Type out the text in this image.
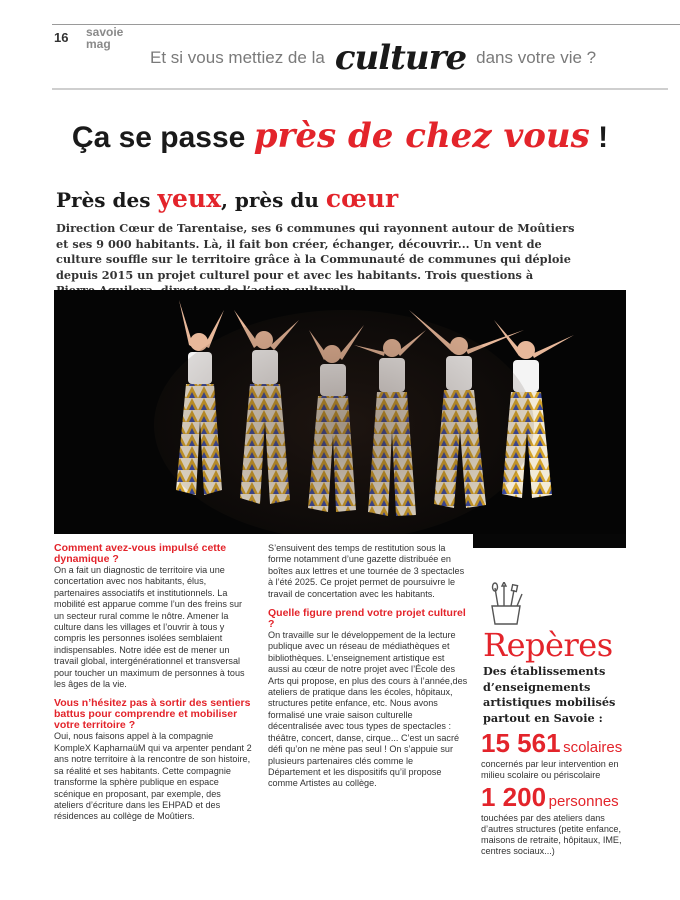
16 savoie
mag
Et si vous mettiez de la culture dans votre vie ?
Ça se passe près de chez vous !
Près des yeux, près du cœur
Direction Cœur de Tarentaise, ses 6 communes qui rayonnent autour de Moûtiers et ses 9 000 habitants. Là, il fait bon créer, échanger, découvrir... Un vent de culture souffle sur le territoire grâce à la Communauté de communes qui déploie depuis 2015 un projet culturel pour et avec les habitants. Trois questions à

Comment avez-vous impulsé cette dynamique ?

On a fait un diagnostic de territoire via une concertation avec nos habitants, élus, partenaires associatifs et institutionnels. La mobilité est apparue comme l’un des freins sur un secteur rural comme le nôtre. Amener la culture dans les villages et l’ouvrir à tous y compris les personnes isolées semblaient indispensables. Notre idée est de mener un travail global, intergénérationnel et transversal pour toucher un maximum de personnes à tous les âges de la vie.

Vous n’hésitez pas à sortir des sentiers battus pour comprendre et mobiliser votre territoire ?

Oui, nous faisons appel à la compagnie KompleX KapharnaüM qui va arpenter pendant 2 ans notre territoire à la rencontre de son histoire, sa réalité et ses habitants. Cette compagnie transforme la sphère publique en espace scénique en proposant, par exemple, des ateliers d’écriture dans les EHPAD et des résidences au collège de Moûtiers.

S’ensuivent des temps de restitution sous la forme notamment d’une gazette distribuée en boîtes aux lettres et une tournée de 3 spectacles à l’été 2025. Ce projet permet de poursuivre le travail de concertation avec les habitants.

Quelle figure prend votre projet culturel ?

On travaille sur le développement de la lecture publique avec un réseau de médiathèques et bibliothèques. L’enseignement artistique est aussi au cœur de notre projet avec l’École des Arts qui propose, en plus des cours à l’année,des ateliers de pratique dans les écoles, hôpitaux, structures petite enfance, etc. Nous avons formalisé une vraie saison culturelle décentralisée avec tous types de spectacles : théâtre, concert, danse, cirque... C’est un sacré défi qu’on ne mène pas seul ! On s’appuie sur plusieurs partenaires clés comme le Département et les dispositifs qu’il propose comme Artistes au collège.

Repères
Des établissements d’enseignements artistiques mobilisés partout en Savoie :
15 561 scolaires
concernés par leur intervention en milieu scolaire ou périscolaire
1 200 personnes
touchées par des ateliers dans d’autres structures (petite enfance, maisons de retraite, hôpitaux, IME, centres sociaux...)
